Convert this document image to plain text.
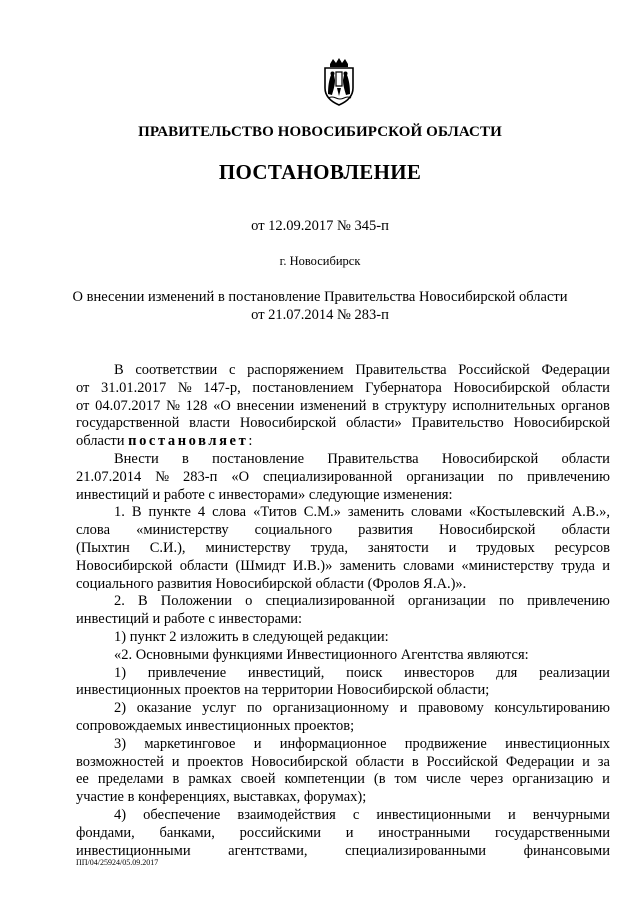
ПРАВИТЕЛЬСТВО НОВОСИБИРСКОЙ ОБЛАСТИ
ПОСТАНОВЛЕНИЕ
от 12.09.2017 № 345-п
г. Новосибирск
О внесении изменений в постановление Правительства Новосибирской области
от 21.07.2014 № 283-п
В соответствии с распоряжением Правительства Российской Федерации
от 31.01.2017 № 147-р, постановлением Губернатора Новосибирской области
от 04.07.2017 № 128 «О внесении изменений в структуру исполнительных органов
государственной власти Новосибирской области» Правительство Новосибирской
области постановляет :
Внести в постановление Правительства Новосибирской области
21.07.2014 № 283-п «О специализированной организации по привлечению
инвестиций и работе с инвесторами» следующие изменения:
1. В пункте 4 слова «Титов С.М.» заменить словами «Костылевский А.В.»,
слова «министерству социального развития Новосибирской области
(Пыхтин С.И.), министерству труда, занятости и трудовых ресурсов
Новосибирской области (Шмидт И.В.)» заменить словами «министерству труда и
социального развития Новосибирской области (Фролов Я.А.)».
2. В Положении о специализированной организации по привлечению
инвестиций и работе с инвесторами:
1) пункт 2 изложить в следующей редакции:
«2. Основными функциями Инвестиционного Агентства являются:
1) привлечение инвестиций, поиск инвесторов для реализации
инвестиционных проектов на территории Новосибирской области;
2) оказание услуг по организационному и правовому консультированию
сопровождаемых инвестиционных проектов;
3) маркетинговое и информационное продвижение инвестиционных
возможностей и проектов Новосибирской области в Российской Федерации и за
ее пределами в рамках своей компетенции (в том числе через организацию и
участие в конференциях, выставках, форумах);
4) обеспечение взаимодействия с инвестиционными и венчурными
фондами, банками, российскими и иностранными государственными
инвестиционными	агентствами,	специализированными	финансовыми
ПП/04/25924/05.09.2017
